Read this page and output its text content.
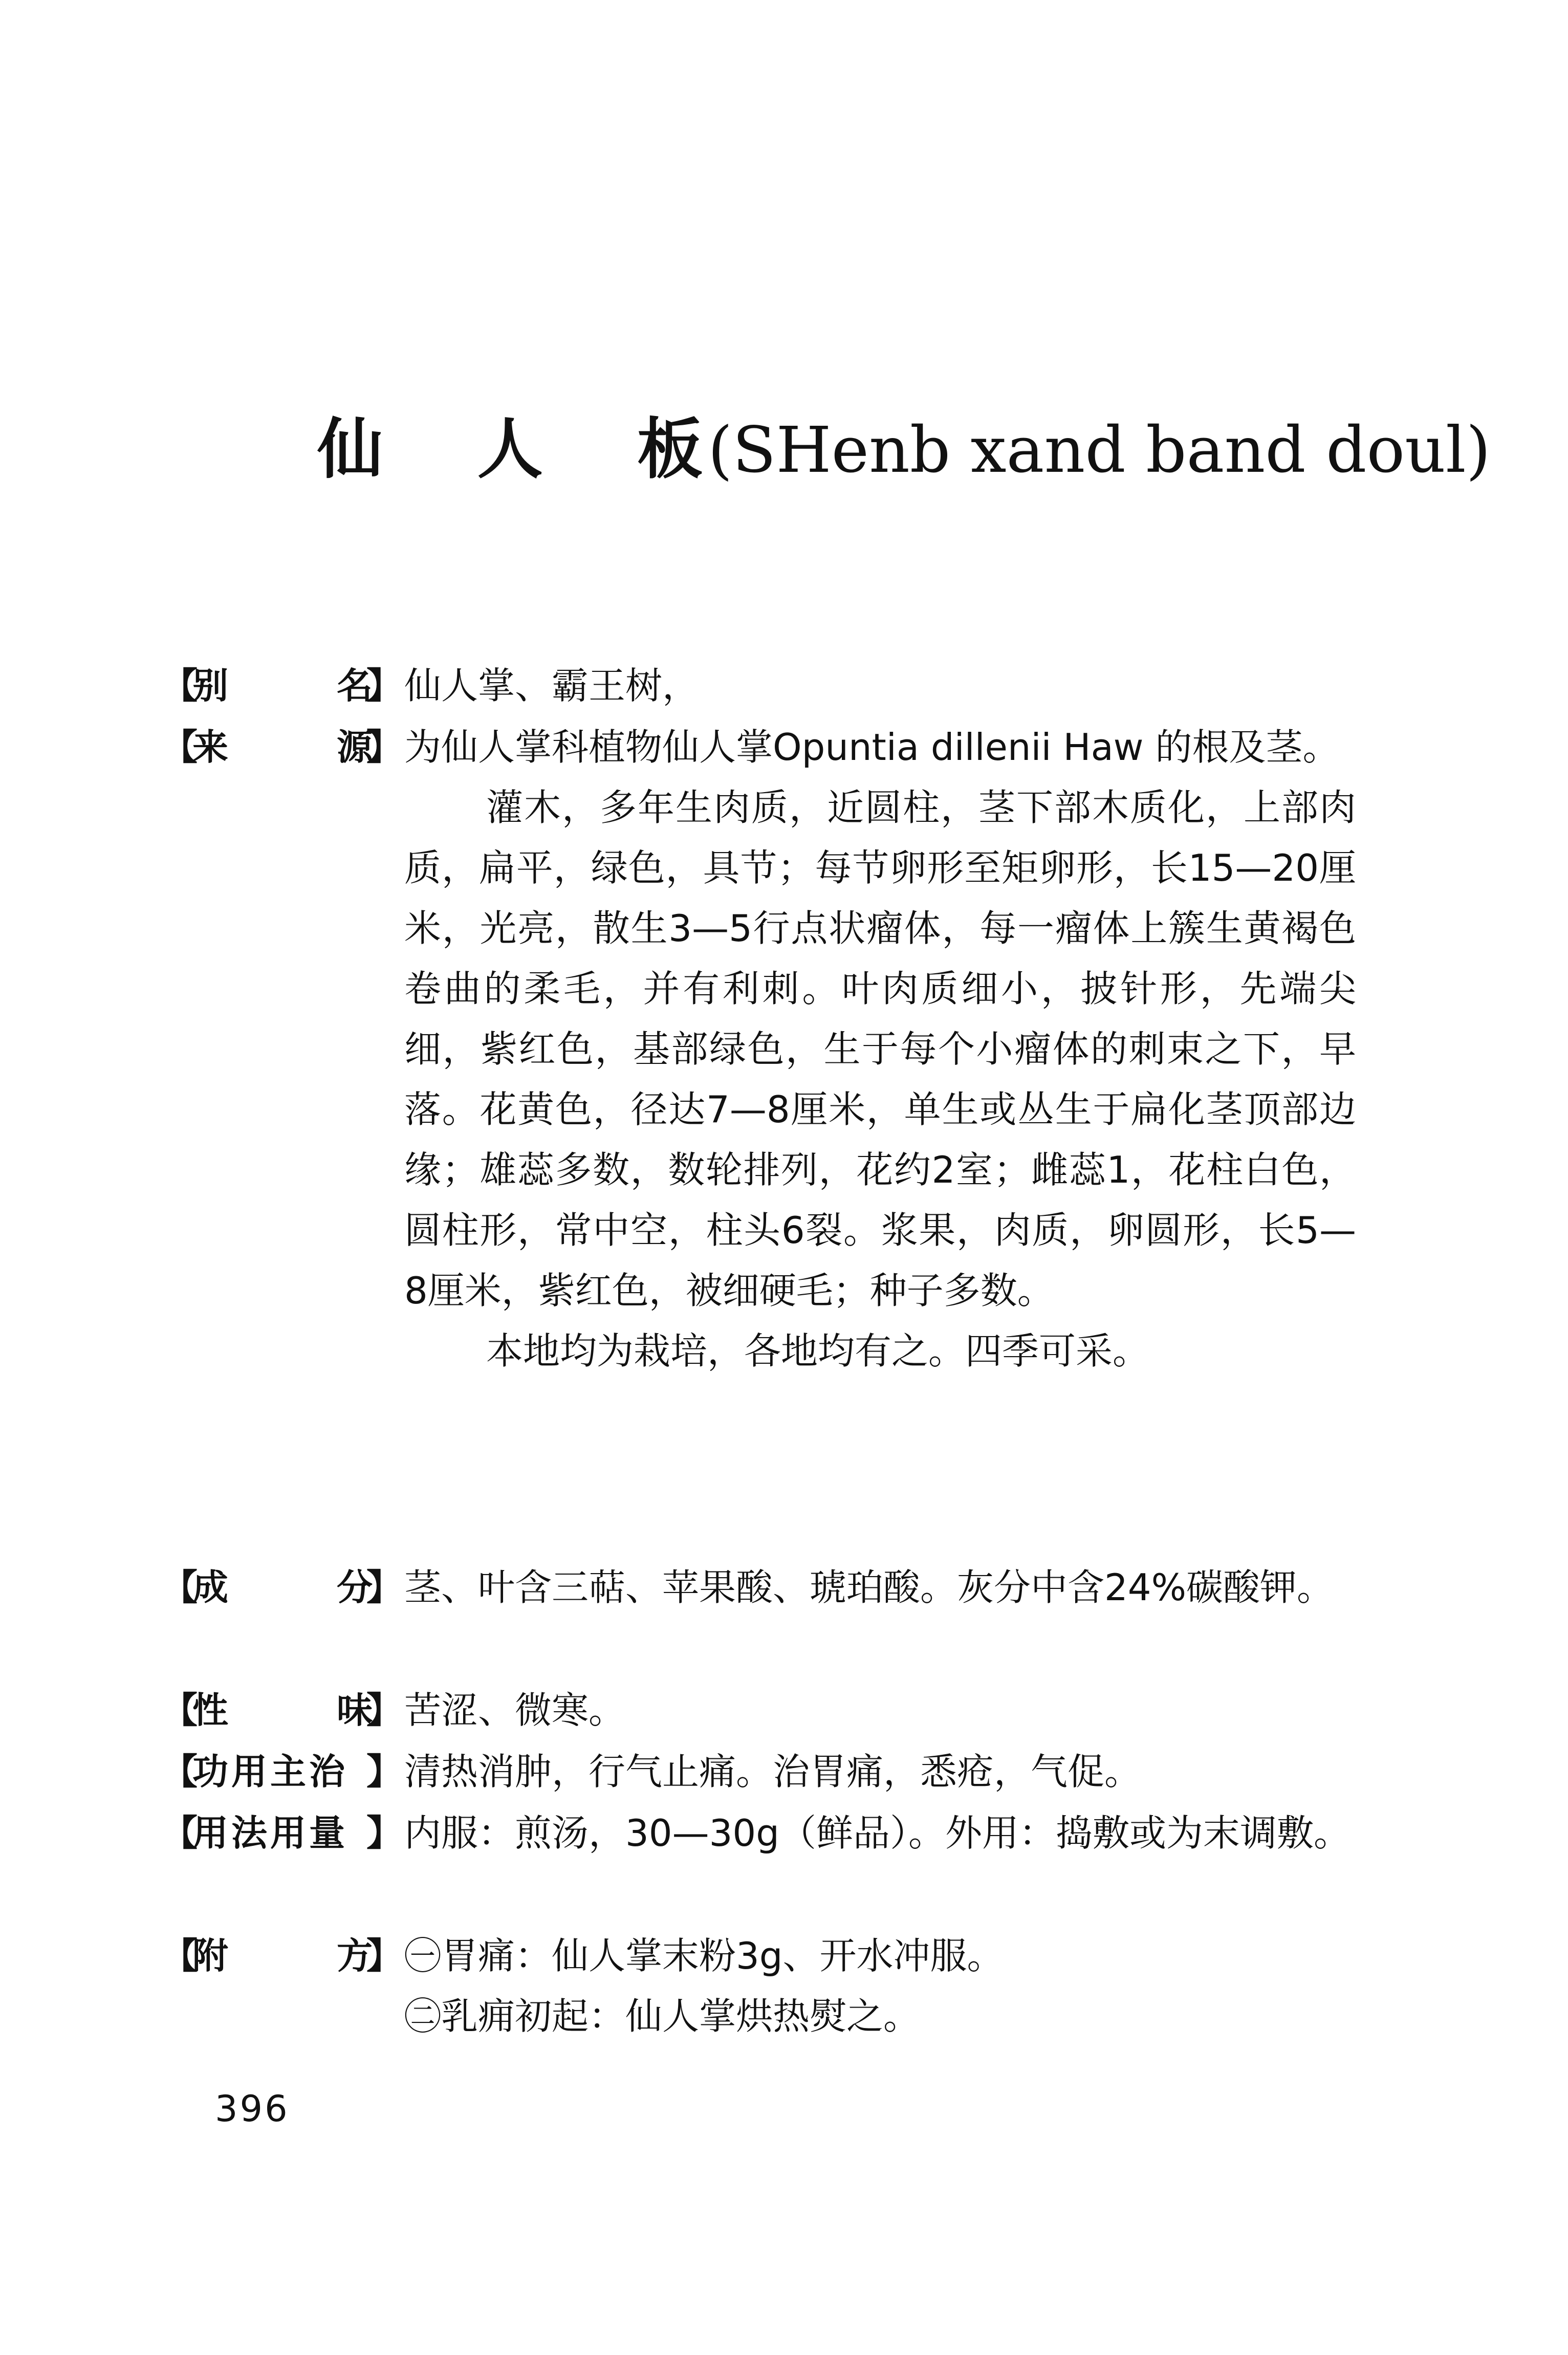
仙 人 板(SHenb xand band doul)
【
别	名
】 仙人掌、霸王树，

【
来	源
】 为仙人掌科植物仙人掌Opuntia dillenii Haw 的根及茎。

灌木，多年生肉质，近圆柱，茎下部木质化，上部肉质，扁平，绿色，具节；每节卵形至矩卵形，长15—20厘米，光亮，散生3—5行点状瘤体，每一瘤体上簇生黄褐色卷曲的柔毛，并有利刺。叶肉质细小，披针形，先端尖细，紫红色，基部绿色，生于每个小瘤体的刺束之下，早落。花黄色，径达7—8厘米，单生或丛生于扁化茎顶部边缘；雄蕊多数，数轮排列，花约2室；雌蕊1，花柱白色，圆柱形，常中空，柱头6裂。浆果，肉质，卵圆形，长5—8厘米，紫红色，被细硬毛；种子多数。

本地均为栽培，各地均有之。四季可采。

【
成	分
】 茎、叶含三萜、苹果酸、琥珀酸。灰分中含24%碳酸钾。

【
性	味
】 苦涩、微寒。

【
功用主治 】 清热消肿，行气止痛。治胃痛，悉疮，气促。

【
用法用量 】 内服：煎汤，30—30g（鲜品）。外用：捣敷或为末调敷。

【
附	方
】 ㊀胃痛：仙人掌末粉3g、开水冲服。

㊁乳痈初起：仙人掌烘热熨之。

396
